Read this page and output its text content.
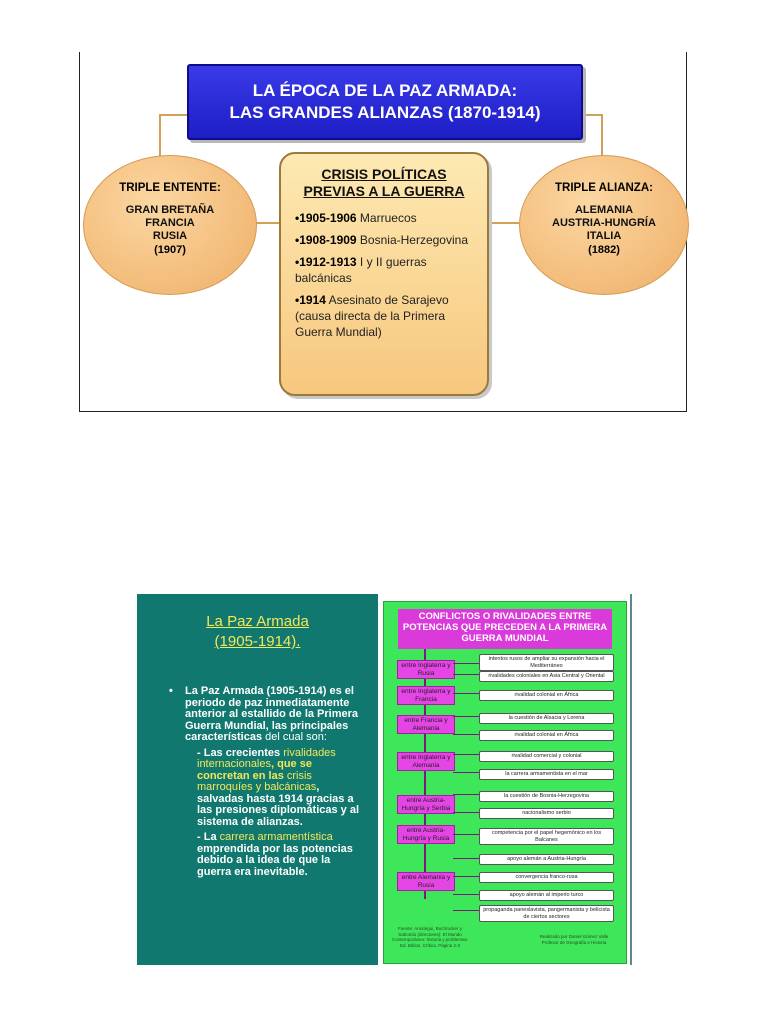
LA ÉPOCA DE LA PAZ ARMADA:
LAS GRANDES ALIANZAS (1870-1914)
TRIPLE ENTENTE:
GRAN BRETAÑA
FRANCIA
RUSIA
(1907)
TRIPLE ALIANZA:
ALEMANIA
AUSTRIA-HUNGRÍA
ITALIA
(1882)
CRISIS POLÍTICAS
PREVIAS A LA GUERRA
•1905-1906 Marruecos
•1908-1909 Bosnia-Herzegovina
•1912-1913 I y II guerras balcánicas
•1914 Asesinato de Sarajevo (causa directa de la Primera Guerra Mundial)
La Paz Armada
(1905-1914).
• La Paz Armada (1905-1914) es el periodo de paz inmediatamente anterior al estallido de la Primera Guerra Mundial, las principales características del cual son:

- Las crecientes rivalidades internacionales, que se concretan en las crisis marroquíes y balcánicas, salvadas hasta 1914 gracias a las presiones diplomáticas y al sistema de alianzas.

- La carrera armamentística emprendida por las potencias debido a la idea de que la guerra era inevitable.

CONFLICTOS O RIVALIDADES ENTRE POTENCIAS QUE PRECEDEN A LA PRIMERA GUERRA MUNDIAL
entre Inglaterra y Rusia
entre Inglaterra y Francia
entre Francia y Alemania
entre Inglaterra y Alemania
entre Austria-Hungría y Serbia
entre Austria-Hungría y Rusia
entre Alemania y Rusia
intentos rusos de ampliar su expansión hacia el Mediterráneo
rivalidades coloniales en Asia Central y Oriental
rivalidad colonial en África
la cuestión de Alsacia y Lorena
rivalidad colonial en África
rivalidad comercial y colonial
la carrera armamentista en el mar
la cuestión de Bosnia-Herzegovina
nacionalismo serbio
competencia por el papel hegemónico en los Balcanes
apoyo alemán a Austria-Hungría
convergencia franco-rusa
apoyo alemán al imperio turco
propaganda paneslavista, pangermanista y belicista de ciertos sectores
Fuente: Arostegui, Buchrucker y Saborido (directores): El Mundo Contemporáneo: historia y problemas. Ed. Biblos, Crítica. Página 2-3
Realizado por Daniel Gómez Valle Profesor de Geografía e Historia
